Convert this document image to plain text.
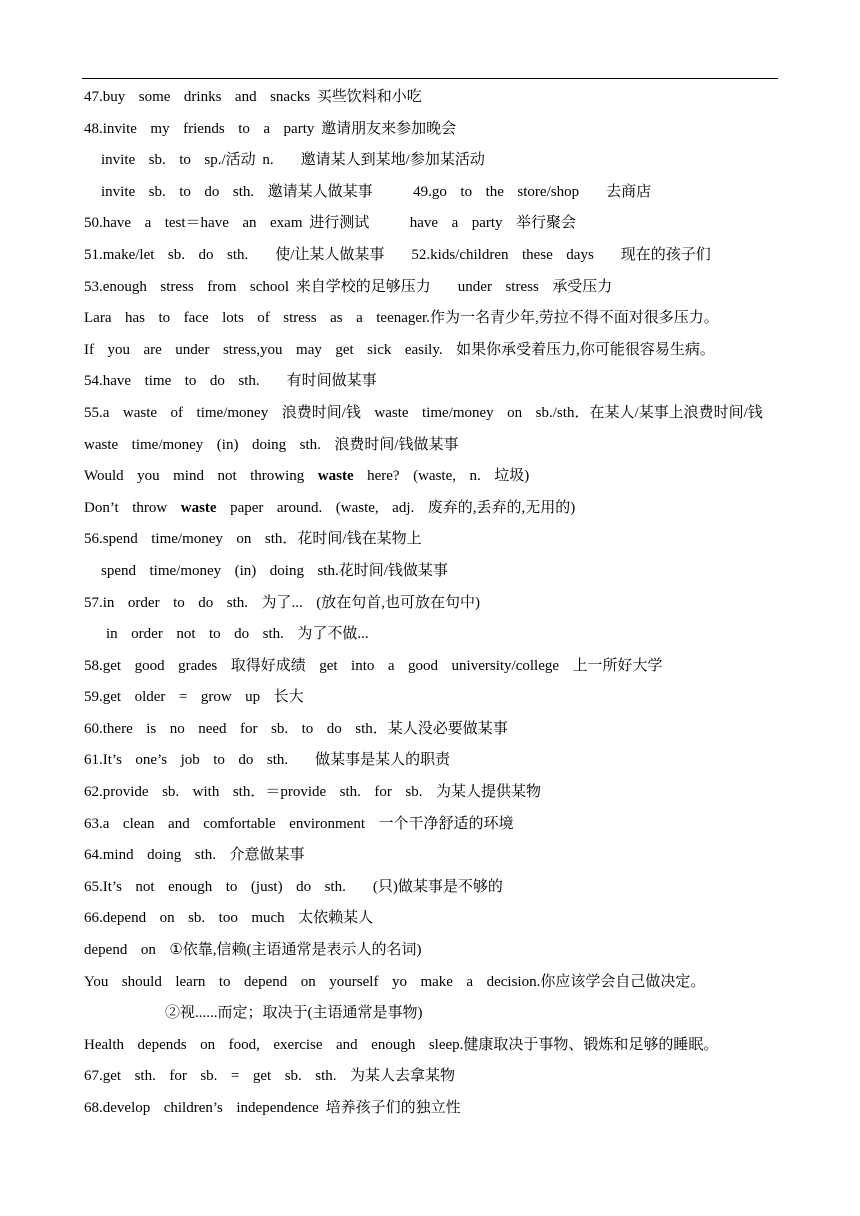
47.buy  some  drinks  and  snacks 买些饮料和小吃
48.invite  my  friends  to  a  party 邀请朋友来参加晚会
invite  sb.  to  sp./活动 n.    邀请某人到某地/参加某活动
invite  sb.  to  do  sth.  邀请某人做某事      49.go  to  the  store/shop    去商店
50.have  a  test＝have  an  exam 进行测试      have  a  party  举行聚会
51.make/let  sb.  do  sth.    使/让某人做某事    52.kids/children  these  days    现在的孩子们
53.enough  stress  from  school 来自学校的足够压力    under  stress  承受压力
Lara  has  to  face  lots  of  stress  as  a  teenager.作为一名青少年,劳拉不得不面对很多压力。
If  you  are  under  stress,you  may  get  sick  easily.  如果你承受着压力,你可能很容易生病。
54.have  time  to  do  sth.    有时间做某事
55.a  waste  of  time/money  浪费时间/钱  waste  time/money  on  sb./sth．在某人/某事上浪费时间/钱    waste  time/money  (in)  doing  sth.  浪费时间/钱做某事
Would  you  mind  not  throwing  waste  here?  (waste,  n.  垃圾)
Don’t  throw  waste  paper  around.  (waste,  adj.  废弃的,丢弃的,无用的)
56.spend  time/money  on  sth．花时间/钱在某物上
spend  time/money  (in)  doing  sth.花时间/钱做某事
57.in  order  to  do  sth.  为了...  (放在句首,也可放在句中)
in  order  not  to  do  sth.  为了不做...
58.get  good  grades  取得好成绩  get  into  a  good  university/college  上一所好大学
59.get  older  =  grow  up  长大
60.there  is  no  need  for  sb.  to  do  sth．某人没必要做某事
61.It’s  one’s  job  to  do  sth.    做某事是某人的职责
62.provide  sb.  with  sth．＝provide  sth.  for  sb.  为某人提供某物
63.a  clean  and  comfortable  environment  一个干净舒适的环境
64.mind  doing  sth.  介意做某事
65.It’s  not  enough  to  (just)  do  sth.    (只)做某事是不够的
66.depend  on  sb.  too  much  太依赖某人
depend  on  ①依靠,信赖(主语通常是表示人的名词)
You  should  learn  to  depend  on  yourself  yo  make  a  decision.你应该学会自己做决定。
②视......而定；取决于(主语通常是事物)
Health  depends  on  food,  exercise  and  enough  sleep.健康取决于事物、锻炼和足够的睡眠。
67.get  sth.  for  sb.  =  get  sb.  sth.  为某人去拿某物
68.develop  children’s  independence 培养孩子们的独立性
